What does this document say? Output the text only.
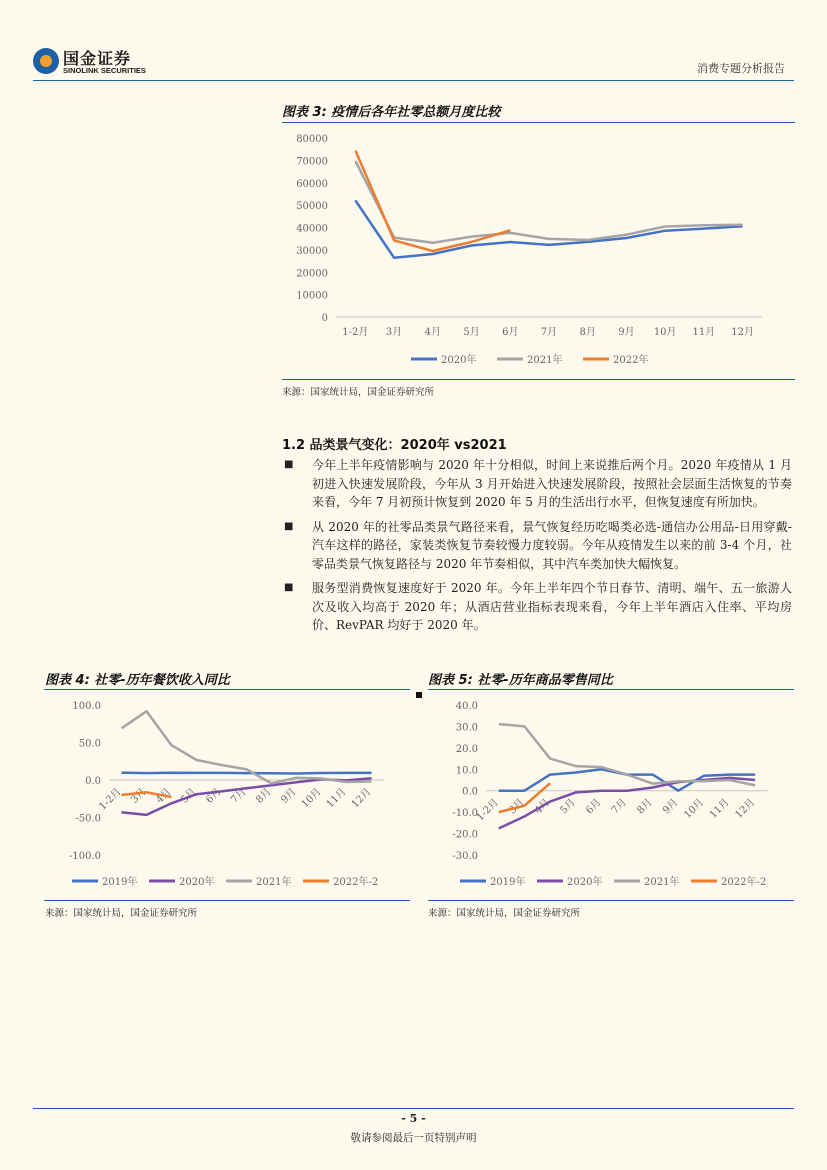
国金证券
SINOLINK SECURITIES	消费专题分析报告
图表 3: 疫情后各年社零总额月度比较
0
10000
20000
30000
40000
50000
60000
70000
80000
1-2月 3月 4月 5月 6月 7月 8月 9月 10月 11月 12月
2020年	2021年	2022年
来源：国家统计局，国金证券研究所
1.2 品类景气变化：2020年 vs2021
■ 今年上半年疫情影响与 2020 年十分相似，时间上来说推后两个月。2020 年疫情从 1 月初进入快速发展阶段，今年从 3 月开始进入快速发展阶段，按照社会层面生活恢复的节奏来看，今年 7 月初预计恢复到 2020 年 5 月的生活出行水平，但恢复速度有所加快。
■ 从 2020 年的社零品类景气路径来看，景气恢复经历吃喝类必选-通信办公用品-日用穿戴-汽车这样的路径，家装类恢复节奏较慢力度较弱。今年从疫情发生以来的前 3-4 个月，社零品类景气恢复路径与 2020 年节奏相似，其中汽车类加快大幅恢复。
■ 服务型消费恢复速度好于 2020 年。今年上半年四个节日春节、清明、端午、五一旅游人次及收入均高于 2020 年；从酒店营业指标表现来看，今年上半年酒店入住率、平均房价、RevPAR 均好于 2020 年。
图表 4: 社零-历年餐饮收入同比
-100.0
-50.0
0.0
50.0
100.0
1-2月 3月 4月 5月 6月 7月 8月 9月 10月 11月 12月
2019年	2020年	2021年	2022年-2
来源：国家统计局，国金证券研究所
图表 5: 社零-历年商品零售同比
-30.0
-20.0
-10.0
0.0
10.0
20.0
30.0
40.0
1-2月 3月 4月 5月 6月 7月 8月 9月 10月 11月 12月
2019年	2020年	2021年	2022年-2
来源：国家统计局，国金证券研究所
- 5 -
敬请参阅最后一页特别声明
